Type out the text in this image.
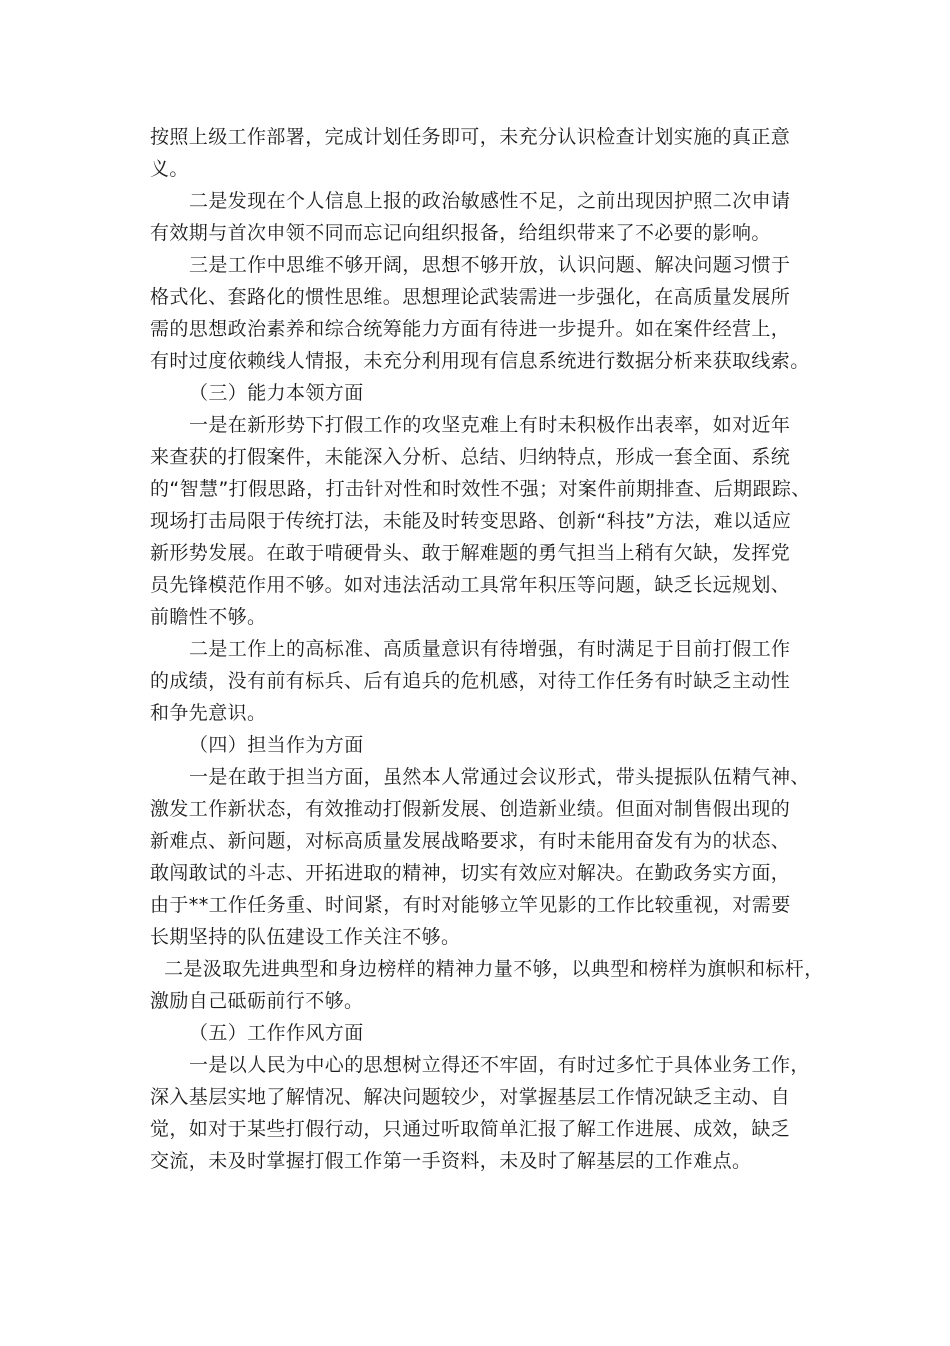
按照上级工作部署，完成计划任务即可，未充分认识检查计划实施的真正意

义。

二是发现在个人信息上报的政治敏感性不足，之前出现因护照二次申请

有效期与首次申领不同而忘记向组织报备，给组织带来了不必要的影响。

三是工作中思维不够开阔，思想不够开放，认识问题、解决问题习惯于

格式化、套路化的惯性思维。思想理论武装需进一步强化，在高质量发展所

需的思想政治素养和综合统筹能力方面有待进一步提升。如在案件经营上，

有时过度依赖线人情报，未充分利用现有信息系统进行数据分析来获取线索。

（三）能力本领方面

一是在新形势下打假工作的攻坚克难上有时未积极作出表率，如对近年

来查获的打假案件，未能深入分析、总结、归纳特点，形成一套全面、系统

的“智慧”打假思路，打击针对性和时效性不强；对案件前期排查、后期跟踪、

现场打击局限于传统打法，未能及时转变思路、创新“科技”方法，难以适应

新形势发展。在敢于啃硬骨头、敢于解难题的勇气担当上稍有欠缺，发挥党

员先锋模范作用不够。如对违法活动工具常年积压等问题，缺乏长远规划、

前瞻性不够。

二是工作上的高标准、高质量意识有待增强，有时满足于目前打假工作

的成绩，没有前有标兵、后有追兵的危机感，对待工作任务有时缺乏主动性

和争先意识。

（四）担当作为方面

一是在敢于担当方面，虽然本人常通过会议形式，带头提振队伍精气神、

激发工作新状态，有效推动打假新发展、创造新业绩。但面对制售假出现的

新难点、新问题，对标高质量发展战略要求，有时未能用奋发有为的状态、

敢闯敢试的斗志、开拓进取的精神，切实有效应对解决。在勤政务实方面，

由于**工作任务重、时间紧，有时对能够立竿见影的工作比较重视，对需要

长期坚持的队伍建设工作关注不够。

二是汲取先进典型和身边榜样的精神力量不够，以典型和榜样为旗帜和标杆，

激励自己砥砺前行不够。

（五）工作作风方面

一是以人民为中心的思想树立得还不牢固，有时过多忙于具体业务工作，

深入基层实地了解情况、解决问题较少，对掌握基层工作情况缺乏主动、自

觉，如对于某些打假行动，只通过听取简单汇报了解工作进展、成效，缺乏

交流，未及时掌握打假工作第一手资料，未及时了解基层的工作难点。
